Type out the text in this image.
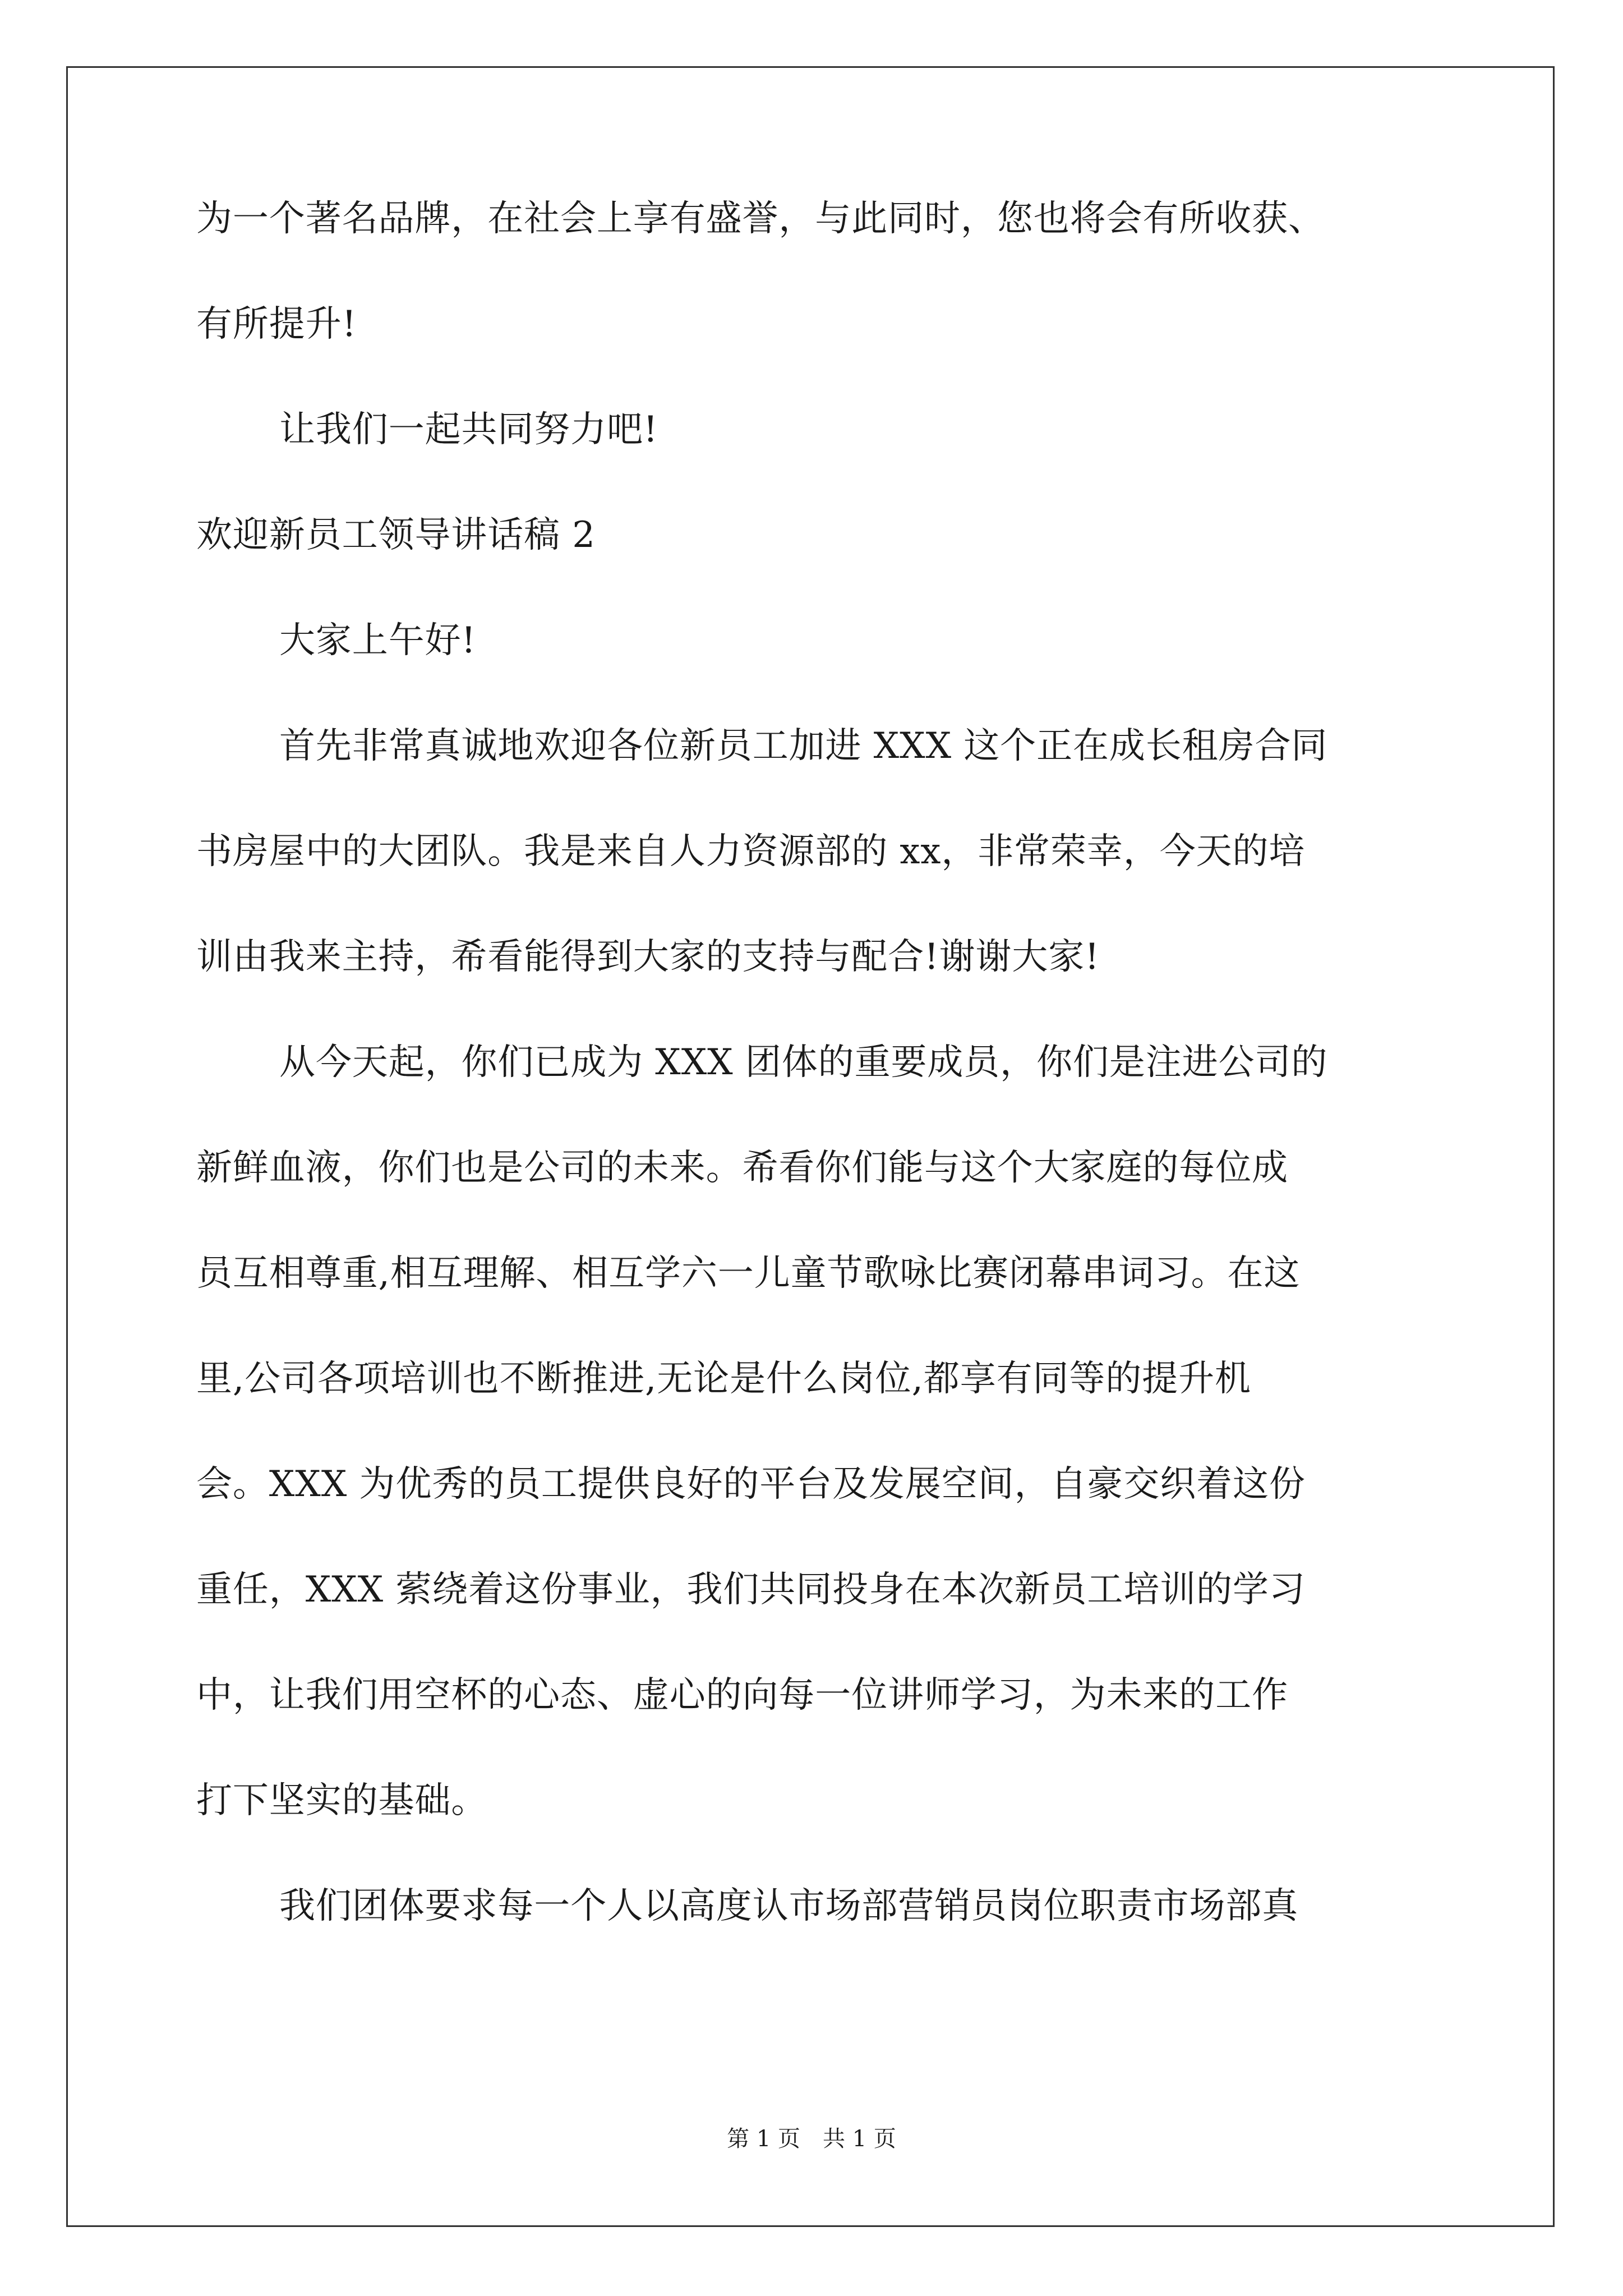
为一个著名品牌，在社会上享有盛誉，与此同时，您也将会有所收获、
有所提升!
让我们一起共同努力吧!
欢迎新员工领导讲话稿 2
大家上午好!
首先非常真诚地欢迎各位新员工加进 XXX 这个正在成长租房合同
书房屋中的大团队。我是来自人力资源部的 xx，非常荣幸，今天的培
训由我来主持，希看能得到大家的支持与配合!谢谢大家!
从今天起，你们已成为 XXX 团体的重要成员，你们是注进公司的
新鲜血液，你们也是公司的未来。希看你们能与这个大家庭的每位成
员互相尊重,相互理解、相互学六一儿童节歌咏比赛闭幕串词习。在这
里,公司各项培训也不断推进,无论是什么岗位,都享有同等的提升机
会。XXX 为优秀的员工提供良好的平台及发展空间，自豪交织着这份
重任，XXX 萦绕着这份事业，我们共同投身在本次新员工培训的学习
中，让我们用空杯的心态、虚心的向每一位讲师学习，为未来的工作
打下坚实的基础。
我们团体要求每一个人以高度认市场部营销员岗位职责市场部真
第 1 页 共 1 页
